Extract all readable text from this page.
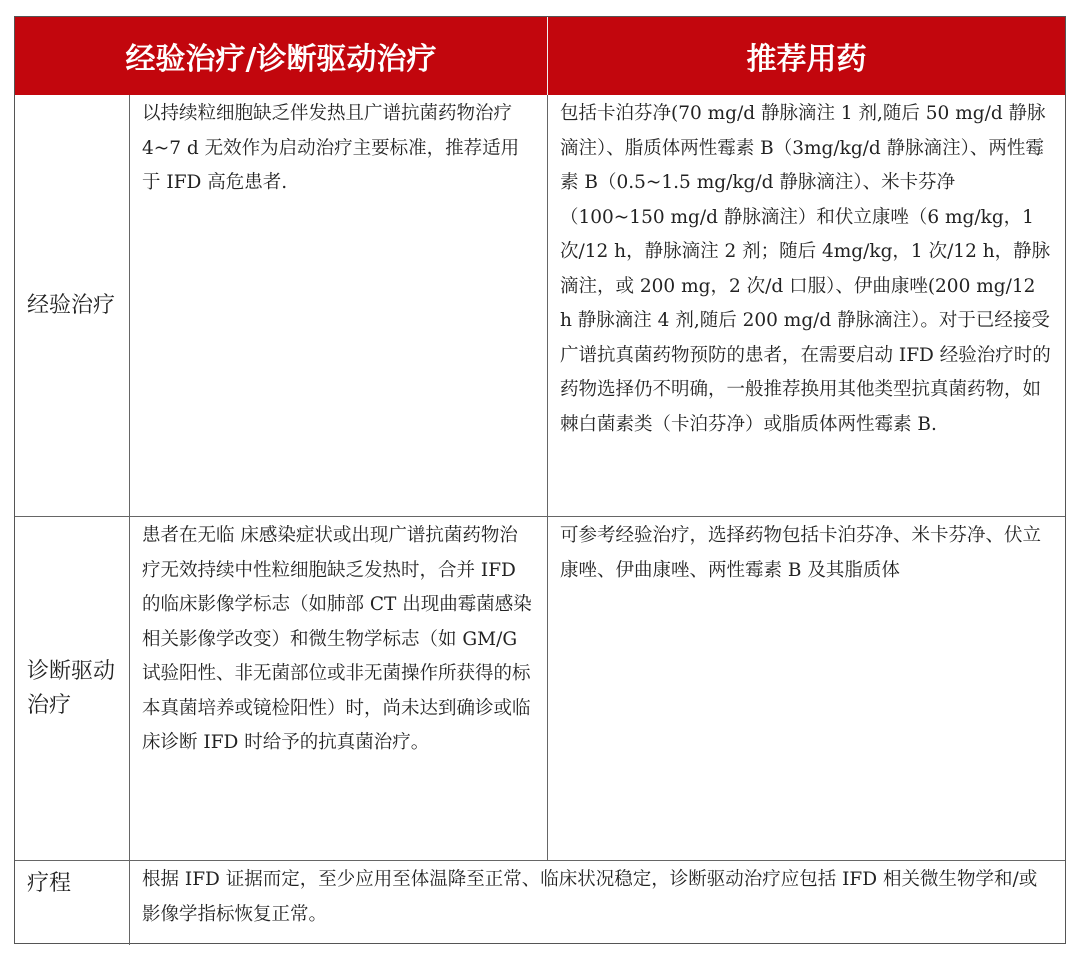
经验治疗/诊断驱动治疗	推荐用药
经验治疗
以持续粒细胞缺乏伴发热且广谱抗菌药物治疗 4~7 d 无效作为启动治疗主要标准，推荐适用于 IFD 高危患者.
包括卡泊芬净(70 mg/d 静脉滴注 1 剂,随后 50 mg/d 静脉滴注）、脂质体两性霉素 B（3mg/kg/d 静脉滴注）、两性霉素 B（0.5~1.5 mg/kg/d 静脉滴注）、米卡芬净（100~150 mg/d 静脉滴注）和伏立康唑（6 mg/kg，1 次/12 h，静脉滴注 2 剂；随后 4mg/kg，1 次/12 h，静脉滴注，或 200 mg，2 次/d 口服）、伊曲康唑(200 mg/12 h 静脉滴注 4 剂,随后 200 mg/d 静脉滴注）。对于已经接受广谱抗真菌药物预防的患者，在需要启动 IFD 经验治疗时的药物选择仍不明确，一般推荐换用其他类型抗真菌药物，如棘白菌素类（卡泊芬净）或脂质体两性霉素 B.
诊断驱动治疗
患者在无临 床感染症状或出现广谱抗菌药物治疗无效持续中性粒细胞缺乏发热时，合并 IFD 的临床影像学标志（如肺部 CT 出现曲霉菌感染相关影像学改变）和微生物学标志（如 GM/G 试验阳性、非无菌部位或非无菌操作所获得的标本真菌培养或镜检阳性）时，尚未达到确诊或临床诊断 IFD 时给予的抗真菌治疗。
可参考经验治疗，选择药物包括卡泊芬净、米卡芬净、伏立康唑、伊曲康唑、两性霉素 B 及其脂质体
疗程	根据 IFD 证据而定，至少应用至体温降至正常、临床状况稳定，诊断驱动治疗应包括 IFD 相关微生物学和/或影像学指标恢复正常。
